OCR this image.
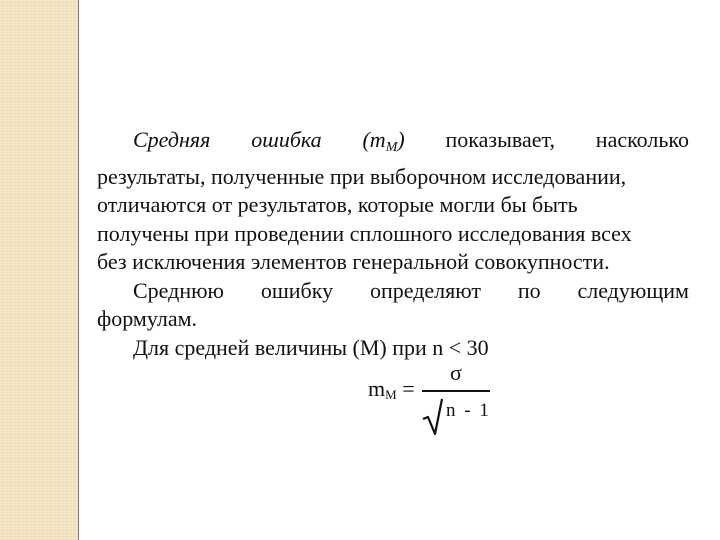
Средняя ошибка (mM) показывает, насколько
результаты, полученные при выборочном исследовании,
отличаются от результатов, которые могли бы быть
получены при проведении сплошного исследования всех
без исключения элементов генеральной совокупности.
Среднюю ошибку определяют по следующим
формулам.
Для средней величины (М) при n < 30
mM =
σ
n - 1
